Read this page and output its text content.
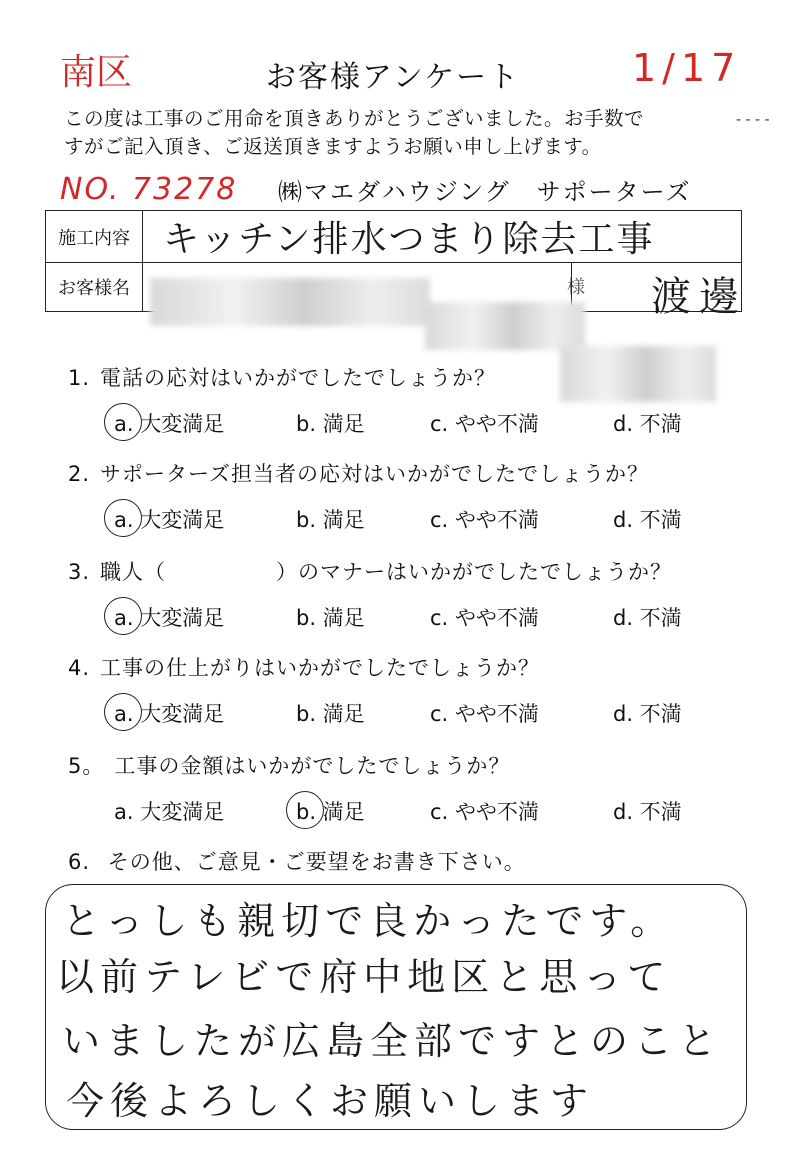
南区	1/17
お客様アンケート
この度は工事のご用命を頂きありがとうございました。お手数で	- - - -
すがご記入頂き、ご返送頂きますようお願い申し上げます。
NO. 73278 ㈱マエダハウジング　サポーターズ
施工内容	キッチン排水つまり除去工事
お客様名	様 渡邊
1. 電話の応対はいかがでしたでしょうか？
a. 大変満足	b. 満足	c. やや不満	d. 不満
2. サポーターズ担当者の応対はいかがでしたでしょうか？
a. 大変満足	b. 満足	c. やや不満	d. 不満
3. 職人（　　　　　）のマナーはいかがでしたでしょうか？
a. 大変満足	b. 満足	c. やや不満	d. 不満
4. 工事の仕上がりはいかがでしたでしょうか？
a. 大変満足	b. 満足	c. やや不満	d. 不満
5。 工事の金額はいかがでしたでしょうか？
a. 大変満足	b. 満足	c. やや不満	d. 不満
6. その他、ご意見・ご要望をお書き下さい。
とっしも親切で良かったです。
以前テレビで府中地区と思って
いましたが広島全部ですとのこと
今後よろしくお願いします
